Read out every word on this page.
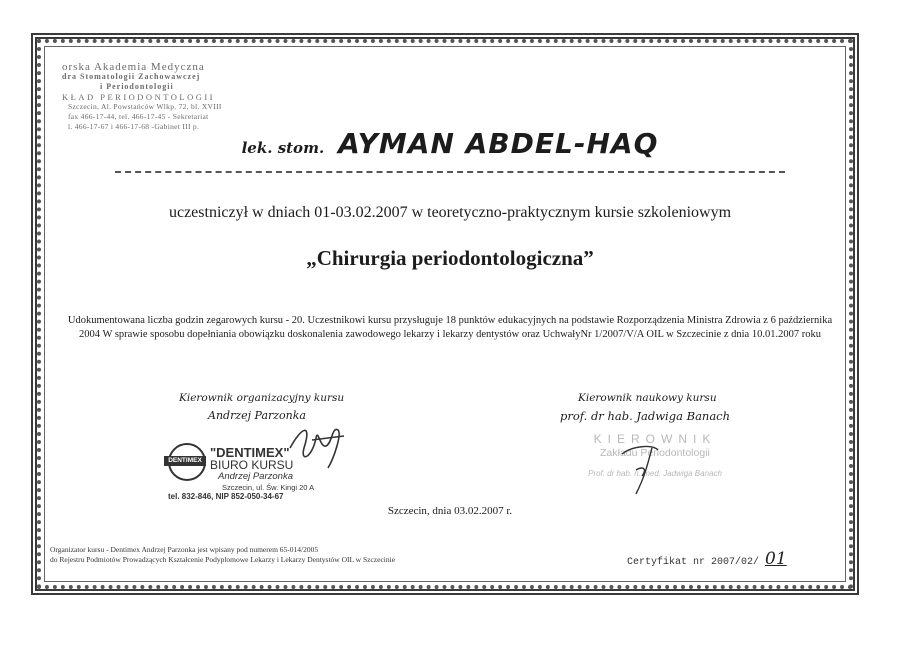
orska Akademia Medyczna
dra Stomatologii Zachowawczej
i Periodontologii
KŁAD PERIODONTOLOGII
Szczecin, Al. Powstańców Wlkp. 72, bl. XVIII
fax 466-17-44, tel. 466-17-45 - Sekretariat
l. 466-17-67 i 466-17-68 -Gabinet III p.
lek. stom. AYMAN ABDEL-HAQ
uczestniczył w dniach 01-03.02.2007 w teoretyczno-praktycznym kursie szkoleniowym
„Chirurgia periodontologiczna”
Udokumentowana liczba godzin zegarowych kursu - 20. Uczestnikowi kursu przysługuje 18 punktów edukacyjnych na podstawie Rozporządzenia Ministra Zdrowia z 6 października
2004 W sprawie sposobu dopełniania obowiązku doskonalenia zawodowego lekarzy i lekarzy dentystów oraz UchwałyNr 1/2007/V/A OIL w Szczecinie z dnia 10.01.2007 roku
Kierownik organizacyjny kursu
Andrzej Parzonka
DENTIMEX
"DENTIMEX"
BIURO KURSU
Andrzej Parzonka
Szczecin, ul. Św. Kingi 20 A
tel. 832-846, NIP 852-050-34-67
Kierownik naukowy kursu
prof. dr hab. Jadwiga Banach
KIEROWNIK
Zakładu Periodontologii
Prof. dr hab. n. med. Jadwiga Banach
Szczecin, dnia 03.02.2007 r.
Organizator kursu - Dentimex Andrzej Parzonka jest wpisany pod numerem 65-014/2005
do Rejestru Podmiotów Prowadzących Kształcenie Podyplomowe Lekarzy i Lekarzy Dentystów OIL w Szczecinie	Certyfikat nr 2007/02/ 01
